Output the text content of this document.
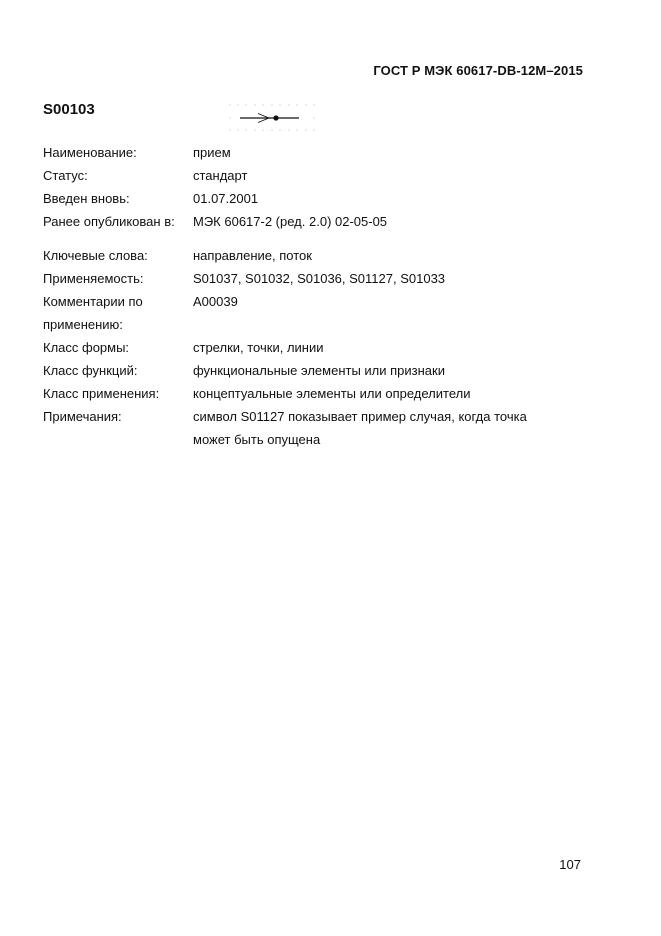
ГОСТ Р МЭК 60617-DB-12M–2015
S00103
Наименование:	прием
Статус:	стандарт
Введен вновь:	01.07.2001
Ранее опубликован в: МЭК 60617-2 (ред. 2.0) 02-05-05
Ключевые слова:	направление, поток
Применяемость:	S01037, S01032, S01036, S01127, S01033
Комментарии по	A00039
применению:
Класс формы:	стрелки, точки, линии
Класс функций:	функциональные элементы или признаки
Класс применения:	концептуальные элементы или определители
Примечания:	символ S01127 показывает пример случая, когда точка
может быть опущена
107
